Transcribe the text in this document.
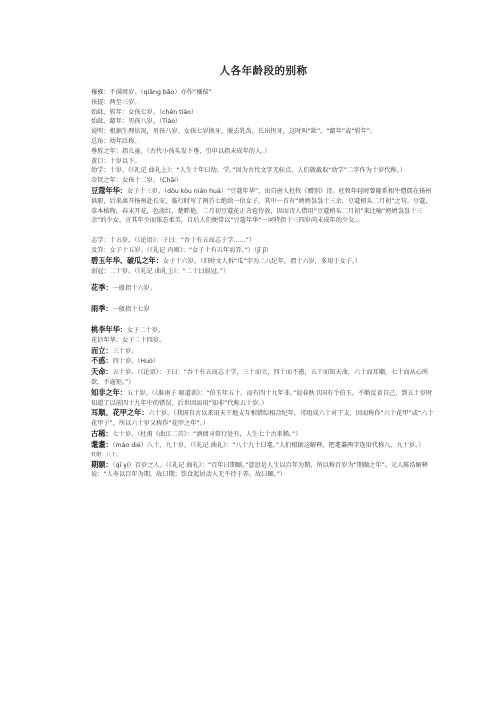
人各年龄段的别称

襁褓：不满周岁。（qiǎng bǎo）亦作“襁葆”

孩提：两至三岁。

始龀、髫年：女孩七岁。（chèn tiáo）

始龀、龆年：男孩八岁。（Tiáo）

说明：根据生理状况，男孩八岁、女孩七岁换牙，脱去乳齿，长出恒牙，这时叫“龀”。“龆年”或“髫年”。

总角：幼年泛称。

垂髫之年：指儿童。（古代小孩头发下垂，引申以指未成年的人。）

黄口：十岁以下。

幼学：十岁。《《礼记 曲礼上》：“人生十年曰幼，学。”因为古代文字无标点，人们就截取“幼学”二字作为十岁代称。）

金钗之年：女孩十二岁。（Chāi）

豆蔻年华：女子十三岁。（dòu kòu nián huá）“豆蔻年华”，出自唐人杜牧《赠别》诗。杜牧年轻时曾随系相牛僧儒在扬州供职，后来离开扬州赴长安，临行时写了两首七绝给一位女子，其中一首有“娉娉袅袅十三余，豆蔻梢头二月初”之句。豆蔻，草本植物，春末开花，色淡红，楚畔艳。二月初豆蔻花正含苞待放，因而诗人借用“豆蔻梢头二月初”来比喻“娉娉袅袅十三余”的少女，言其年少而体态柔美，自后人们便常以“豆蔻年华”一词特指十三四岁尚未成年的少女。。

志学：十五岁。（《论语》：子曰：“吾十有五而志于学……”）

及笄：女子十五岁。（《礼记 内则》：“女子十有五年而笄。”）（jī jī）

碧玉年华、破瓜之年：女子十六岁。（旧时文人拆“瓜”字为二八纪年，谓十六岁，多用于女子。）

弱冠：二十岁。（《礼记 曲礼上》：“二十曰弱冠。”）

花季：一般指十六岁。

雨季：一般指十七岁

桃李年华：女子二十岁。

花信年华：女子二十四岁。

而立：三十岁。

不惑：四十岁。（Huò）

天命：五十岁。（《论语》：子曰：“吾十有五而志于学，三十而立，四十而不惑，五十而知天命，六十而耳顺，七十而从心所欲，不逾矩。”）

知非之年：五十岁。（《淮南子 原道训》：“伯玉年五十，而有四十九年非。”说春秋卫国有个伯玉，不断反省自己，到五十岁时知道了以前四十九年中的错误，后世因而用“知非”代称五十岁。）

耳顺、花甲之年：六十岁。（我国自古以来用天干地支互相错综相合纪年，可组成六十对干支，因而称作“六十花甲”或“六十花甲子”，所以六十岁又称作“花甲之年”。）

古稀：七十岁。（杜甫《曲江二首》：“酒债寻常行处有，人生七十古来稀。”）

耄耋：（mào dié）八十、九十岁。（《礼记 曲礼》：“八十九十曰耄。”人们根据这解释，把耄耋两字连用代称八、九十岁。）

杖朝：八十。

期颐：（qī yí）百岁之人。（《礼记 曲礼》：“百年曰期颐。”意思是人生以百年为期，所以称百岁为“期颐之年”。元人陈浩解释说：“人寿以百年为期，故曰期；饮食起居动人无不待于养，故曰颐。”）
